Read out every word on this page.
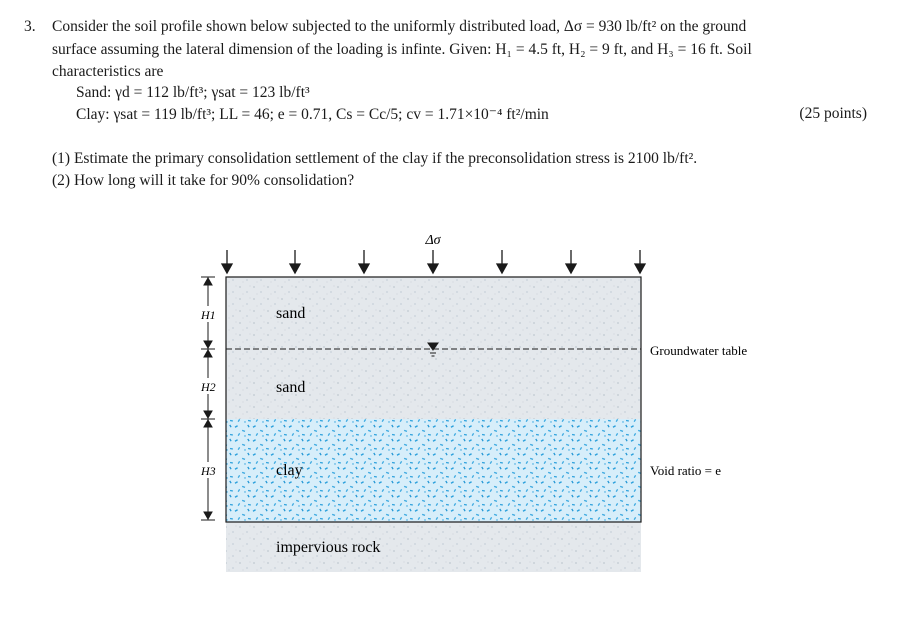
3. Consider the soil profile shown below subjected to the uniformly distributed load, Δσ = 930 lb/ft² on the ground
surface assuming the lateral dimension of the loading is infinte. Given: H₁ = 4.5 ft, H₂ = 9 ft, and H₃ = 16 ft. Soil
characteristics are
Sand: γd = 112 lb/ft³; γsat = 123 lb/ft³
Clay: γsat = 119 lb/ft³; LL = 46; e = 0.71, Cs = Cc/5; cv = 1.71×10⁻⁴ ft²/min	(25 points)
(1) Estimate the primary consolidation settlement of the clay if the preconsolidation stress is 2100 lb/ft².
(2) How long will it take for 90% consolidation?
Δσ
sand
sand
clay
impervious rock
Groundwater table
Void ratio = e
H1
H2
H3
